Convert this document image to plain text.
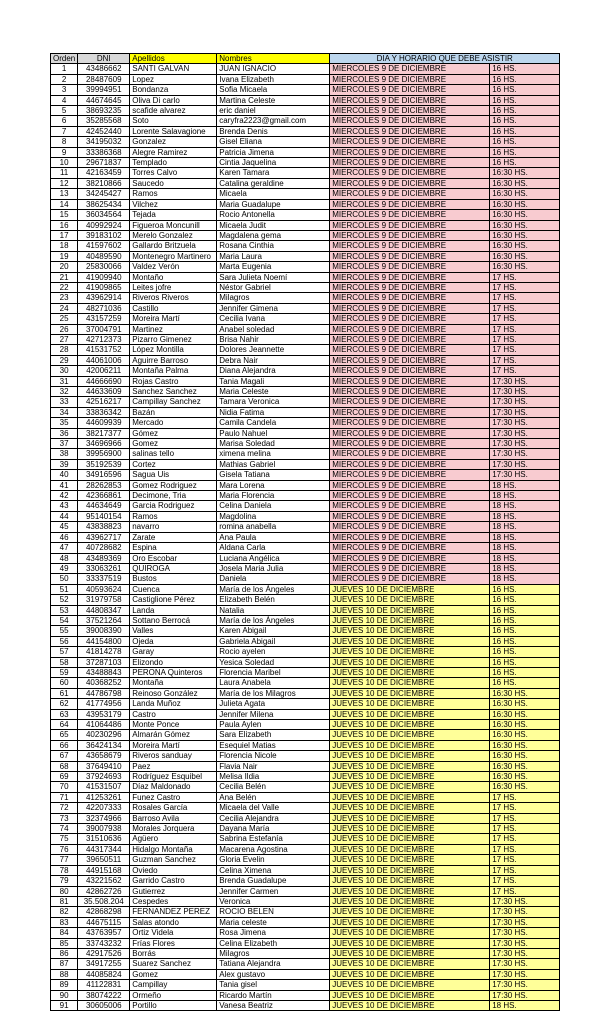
Orden	DNI	Apellidos	Nombres	DIA Y HORARIO QUE DEBE ASISTIR	
1	43486662	SANTI GALVAN	JUAN IGNACIO	MIERCOLES 9 DE DICIEMBRE	16 HS.
2	28487609	Lopez	Ivana Elizabeth	MIERCOLES 9 DE DICIEMBRE	16 HS.
3	39994951	Bondanza	Sofia Micaela	MIERCOLES 9 DE DICIEMBRE	16 HS.
4	44674645	Oliva Di carlo	Martina Celeste	MIERCOLES 9 DE DICIEMBRE	16 HS.
5	38693235	scafide alvarez	eric daniel	MIERCOLES 9 DE DICIEMBRE	16 HS.
6	35285568	Soto	caryfra2223@gmail.com	MIERCOLES 9 DE DICIEMBRE	16 HS.
7	42452440	Lorente Salavagione	Brenda Denis	MIERCOLES 9 DE DICIEMBRE	16 HS.
8	34195032	Gonzalez	Gisel Eliana	MIERCOLES 9 DE DICIEMBRE	16 HS.
9	33386368	Alegre Ramirez	Patricia Jimena	MIERCOLES 9 DE DICIEMBRE	16 HS.
10	29671837	Templado	Cintia Jaquelina	MIERCOLES 9 DE DICIEMBRE	16 HS.
11	42163459	Torres Calvo	Karen Tamara	MIERCOLES 9 DE DICIEMBRE	16:30 HS.
12	38210866	Saucedo	Catalina geraldine	MIERCOLES 9 DE DICIEMBRE	16:30 HS.
13	34245427	Ramos	Micaela	MIERCOLES 9 DE DICIEMBRE	16:30 HS.
14	38625434	Vilchez	Maria Guadalupe	MIERCOLES 9 DE DICIEMBRE	16:30 HS.
15	36034564	Tejada	Rocio Antonella	MIERCOLES 9 DE DICIEMBRE	16:30 HS.
16	40992924	Figueroa Moncunill	Micaela Judit	MIERCOLES 9 DE DICIEMBRE	16:30 HS.
17	39183102	Merelo Gonzalez	Magdalena gema	MIERCOLES 9 DE DICIEMBRE	16:30 HS.
18	41597602	Gallardo Britzuela	Rosana Cinthia	MIERCOLES 9 DE DICIEMBRE	16:30 HS.
19	40489590	Montenegro Martinero	Maria Laura	MIERCOLES 9 DE DICIEMBRE	16:30 HS.
20	25830066	Valdez Verón	Marta Eugenia	MIERCOLES 9 DE DICIEMBRE	16:30 HS.
21	41909940	Montaño	Sara Julieta Noemí	MIERCOLES 9 DE DICIEMBRE	17 HS.
22	41909865	Leites jofre	Néstor Gabriel	MIERCOLES 9 DE DICIEMBRE	17 HS.
23	43962914	Riveros Riveros	Milagros	MIERCOLES 9 DE DICIEMBRE	17 HS.
24	48271036	Castillo	Jennifer Gimena	MIERCOLES 9 DE DICIEMBRE	17 HS.
25	43157259	Moreira Martí	Cecilia Ivana	MIERCOLES 9 DE DICIEMBRE	17 HS.
26	37004791	Martinez	Anabel soledad	MIERCOLES 9 DE DICIEMBRE	17 HS.
27	42712373	Pizarro Gimenez	Brisa Nahir	MIERCOLES 9 DE DICIEMBRE	17 HS.
28	41531752	López Montilla	Dolores Jeannette	MIERCOLES 9 DE DICIEMBRE	17 HS.
29	44061006	Aguirre Barroso	Debra Nair	MIERCOLES 9 DE DICIEMBRE	17 HS.
30	42006211	Montaña Palma	Diana Alejandra	MIERCOLES 9 DE DICIEMBRE	17 HS.
31	44666690	Rojas Castro	Tania Magali	MIERCOLES 9 DE DICIEMBRE	17:30 HS.
32	44633609	Sanchez Sanchez	Maria Celeste	MIERCOLES 9 DE DICIEMBRE	17:30 HS.
33	42516217	Campillay Sanchez	Tamara Veronica	MIERCOLES 9 DE DICIEMBRE	17:30 HS.
34	33836342	Bazán	Nidia Fatima	MIERCOLES 9 DE DICIEMBRE	17:30 HS.
35	44609939	Mercado	Camila Candela	MIERCOLES 9 DE DICIEMBRE	17:30 HS.
36	38217377	Gómez	Paulo Nahuel	MIERCOLES 9 DE DICIEMBRE	17:30 HS.
37	34696966	Gomez	Marisa Soledad	MIERCOLES 9 DE DICIEMBRE	17:30 HS.
38	39956900	salinas tello	ximena melina	MIERCOLES 9 DE DICIEMBRE	17:30 HS.
39	35192539	Cortez	Mathias Gabriel	MIERCOLES 9 DE DICIEMBRE	17:30 HS.
40	34916596	Sagua Uis	Gisela Tatiana	MIERCOLES 9 DE DICIEMBRE	17:30 HS.
41	28262853	Gomez Rodriguez	Mara Lorena	MIERCOLES 9 DE DICIEMBRE	18 HS.
42	42366861	Decimone, Tria	Maria Florencia	MIERCOLES 9 DE DICIEMBRE	18 HS.
43	44634649	Garcia Rodriguez	Celina Daniela	MIERCOLES 9 DE DICIEMBRE	18 HS.
44	95140154	Ramos	Magdolina	MIERCOLES 9 DE DICIEMBRE	18 HS.
45	43838823	navarro	romina anabella	MIERCOLES 9 DE DICIEMBRE	18 HS.
46	43962717	Zarate	Ana Paula	MIERCOLES 9 DE DICIEMBRE	18 HS.
47	40728682	Espina	Aldana Carla	MIERCOLES 9 DE DICIEMBRE	18 HS.
48	43489369	Oro Escobar	Luciana Angélica	MIERCOLES 9 DE DICIEMBRE	18 HS.
49	33063261	QUIROGA	Josela Maria Julia	MIERCOLES 9 DE DICIEMBRE	18 HS.
50	33337519	Bustos	Daniela	MIERCOLES 9 DE DICIEMBRE	18 HS.
51	40593624	Cuenca	María de los Ángeles	JUEVES 10 DE DICIEMBRE	16 HS.
52	31979758	Castiglione Pérez	Elizabeth Belén	JUEVES 10 DE DICIEMBRE	16 HS.
53	44808347	Landa	Natalia	JUEVES 10 DE DICIEMBRE	16 HS.
54	37521264	Sottano Berrocá	María de los Ángeles	JUEVES 10 DE DICIEMBRE	16 HS.
55	39008390	Valles	Karen Abigail	JUEVES 10 DE DICIEMBRE	16 HS.
56	44154800	Ojeda	Gabriela Abigail	JUEVES 10 DE DICIEMBRE	16 HS.
57	41814278	Garay	Rocio ayelen	JUEVES 10 DE DICIEMBRE	16 HS.
58	37287103	Elizondo	Yesica Soledad	JUEVES 10 DE DICIEMBRE	16 HS.
59	43488843	PERONA Quinteros	Florencia Maribel	JUEVES 10 DE DICIEMBRE	16 HS.
60	40368252	Montaña	Laura Anabela	JUEVES 10 DE DICIEMBRE	16 HS.
61	44786798	Reinoso González	María de los Milagros	JUEVES 10 DE DICIEMBRE	16:30 HS.
62	41774956	Landa Muñoz	Julieta Agata	JUEVES 10 DE DICIEMBRE	16:30 HS.
63	43953179	Castro	Jennifer Milena	JUEVES 10 DE DICIEMBRE	16:30 HS.
64	41064486	Monte Ponce	Paula Aylen	JUEVES 10 DE DICIEMBRE	16:30 HS.
65	40230296	Almarán Gómez	Sara Elizabeth	JUEVES 10 DE DICIEMBRE	16:30 HS.
66	36424134	Moreira Martí	Esequiel Matias	JUEVES 10 DE DICIEMBRE	16:30 HS.
67	43658679	Riveros sanduay	Florencia Nicole	JUEVES 10 DE DICIEMBRE	16:30 HS.
68	37649410	Paez	Flavia Nair	JUEVES 10 DE DICIEMBRE	16:30 HS.
69	37924693	Rodríguez Esquibel	Melisa Ildia	JUEVES 10 DE DICIEMBRE	16:30 HS.
70	41531507	Díaz Maldonado	Cecilia Belén	JUEVES 10 DE DICIEMBRE	16:30 HS.
71	41253261	Funez Castro	Ana Belén	JUEVES 10 DE DICIEMBRE	17 HS.
72	42207333	Rosales García	Micaela del Valle	JUEVES 10 DE DICIEMBRE	17 HS.
73	32374966	Barroso Avila	Cecilia Alejandra	JUEVES 10 DE DICIEMBRE	17 HS.
74	39007938	Morales Jorquera	Dayana María	JUEVES 10 DE DICIEMBRE	17 HS.
75	31510636	Agüero	Sabrina Estefanía	JUEVES 10 DE DICIEMBRE	17 HS.
76	44317344	Hidalgo Montaña	Macarena Agostina	JUEVES 10 DE DICIEMBRE	17 HS.
77	39650511	Guzman Sanchez	Gloria Evelin	JUEVES 10 DE DICIEMBRE	17 HS.
78	44915168	Oviedo	Celina Ximena	JUEVES 10 DE DICIEMBRE	17 HS.
79	43221562	Garrido Castro	Brenda Guadalupe	JUEVES 10 DE DICIEMBRE	17 HS.
80	42862726	Gutierrez	Jennifer Carmen	JUEVES 10 DE DICIEMBRE	17 HS.
81	35.508.204	Cespedes	Veronica	JUEVES 10 DE DICIEMBRE	17:30 HS.
82	42868298	FERNANDEZ PEREZ	ROCIO BELEN	JUEVES 10 DE DICIEMBRE	17:30 HS.
83	44675115	Salas atondo	Maria celeste	JUEVES 10 DE DICIEMBRE	17:30 HS.
84	43763957	Ortiz Videla	Rosa Jimena	JUEVES 10 DE DICIEMBRE	17:30 HS.
85	33743232	Frías Flores	Celina Elizabeth	JUEVES 10 DE DICIEMBRE	17:30 HS.
86	42917526	Borrás	Milagros	JUEVES 10 DE DICIEMBRE	17:30 HS.
87	34917255	Suarez Sanchez	Tatiana Alejandra	JUEVES 10 DE DICIEMBRE	17:30 HS.
88	44085824	Gomez	Alex gustavo	JUEVES 10 DE DICIEMBRE	17:30 HS.
89	41122831	Campillay	Tania gisel	JUEVES 10 DE DICIEMBRE	17:30 HS.
90	38074222	Ormeño	Ricardo Martín	JUEVES 10 DE DICIEMBRE	17:30 HS.
91	30605006	Portillo	Vanesa Beatriz	JUEVES 10 DE DICIEMBRE	18 HS.
